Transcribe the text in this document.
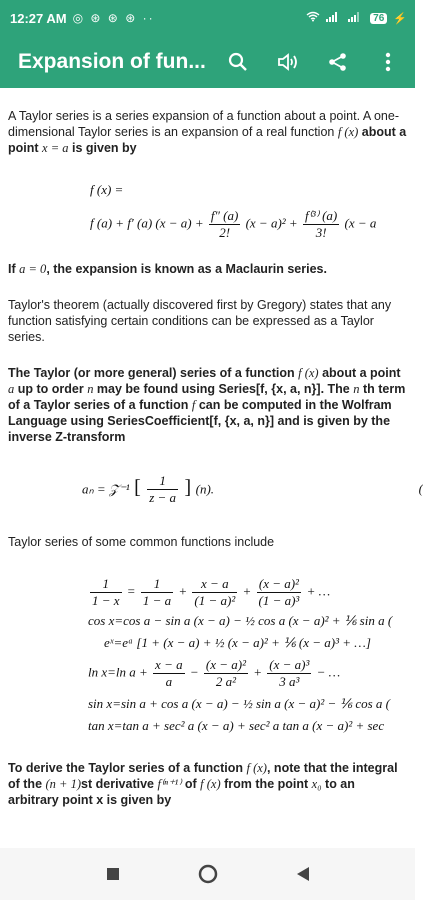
12:27 AM ◎ ⊛ ⊛ ⊛ ··	76 ⚡
Expansion of fun...

A Taylor series is a series expansion of a function about a point. A one-dimensional Taylor series is an expansion of a real function f (x) about a point x = a is given by

f (x) =
f (a) + f′ (a) $(x - a) + \frac{f'' (a)}{2!} (x - a)^2 + \frac{\text{f⁽³⁾ (a)}}{3!} (x - a$

If a = 0, the expansion is known as a Maclaurin series.

Taylor's theorem (actually discovered first by Gregory) states that any function satisfying certain conditions can be expressed as a Taylor series.

The Taylor (or more general) series of a function f (x) about a point a up to order n may be found using Series[f, {x, a, n}]. The n th term of a Taylor series of a function f can be computed in the Wolfram Language using SeriesCoefficient[f, {x, a, n}] and is given by the inverse Z-transform

aₙ = 𝒵⁻¹ [ $\frac{1}{z - a}$ ] (n).	(

Taylor series of some common functions include

$\frac{1}{1 - x} = \frac{1}{1 - a} + \frac{x - a}{\text{(1 − a)²}} + \frac{\text{(x − a)²}}{\text{(1 − a)³}}$ + …
cos x=cos a − sin a (x − a) − ½ cos a (x − a)² + ⅙ sin a (
eˣ=eᵃ [1 + (x − a) + ½ (x − a)² + ⅙ (x − a)³ + …]
ln x=ln $a + \frac{x - a}{a} - \frac{\text{(x − a)²}}{\text{2 a²}} + \frac{\text{(x − a)³}}{\text{3 a³}}$ − …
sin x=sin a + cos a (x − a) − ½ sin a (x − a)² − ⅙ cos a (
tan x=tan a + sec² a (x − a) + sec² a tan a (x − a)² + sec

To derive the Taylor series of a function f (x), note that the integral of the (n + 1)st derivative f⁽ⁿ⁺¹⁾ of f (x) from the point x₀ to an arbitrary point x is given by
